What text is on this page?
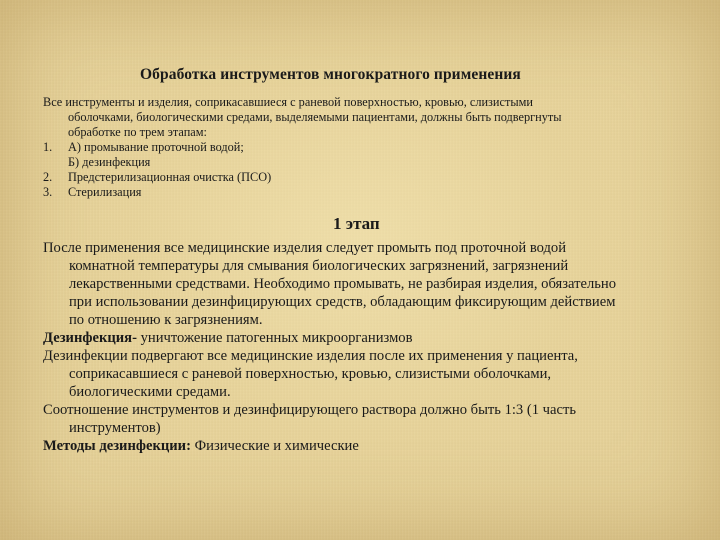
Обработка инструментов многократного применения
Все инструменты и изделия, соприкасавшиеся с раневой поверхностью, кровью, слизистыми
оболочками, биологическими средами, выделяемыми пациентами, должны быть подвергнуты
обработке по трем этапам:
1. А) промывание проточной водой;
Б) дезинфекция
2. Предстерилизационная очистка (ПСО)
3. Стерилизация
1 этап
После применения все медицинские изделия следует промыть под проточной водой
комнатной температуры для смывания биологических загрязнений, загрязнений
лекарственными средствами. Необходимо промывать, не разбирая изделия, обязательно
при использовании дезинфицирующих средств, обладающим фиксирующим действием
по отношению к загрязнениям.
Дезинфекция- уничтожение патогенных микроорганизмов
Дезинфекции подвергают все медицинские изделия после их применения у пациента,
соприкасавшиеся с раневой поверхностью, кровью, слизистыми оболочками,
биологическими средами.
Соотношение инструментов и дезинфицирующего раствора должно быть 1:3 (1 часть
инструментов)
Методы дезинфекции: Физические и химические
